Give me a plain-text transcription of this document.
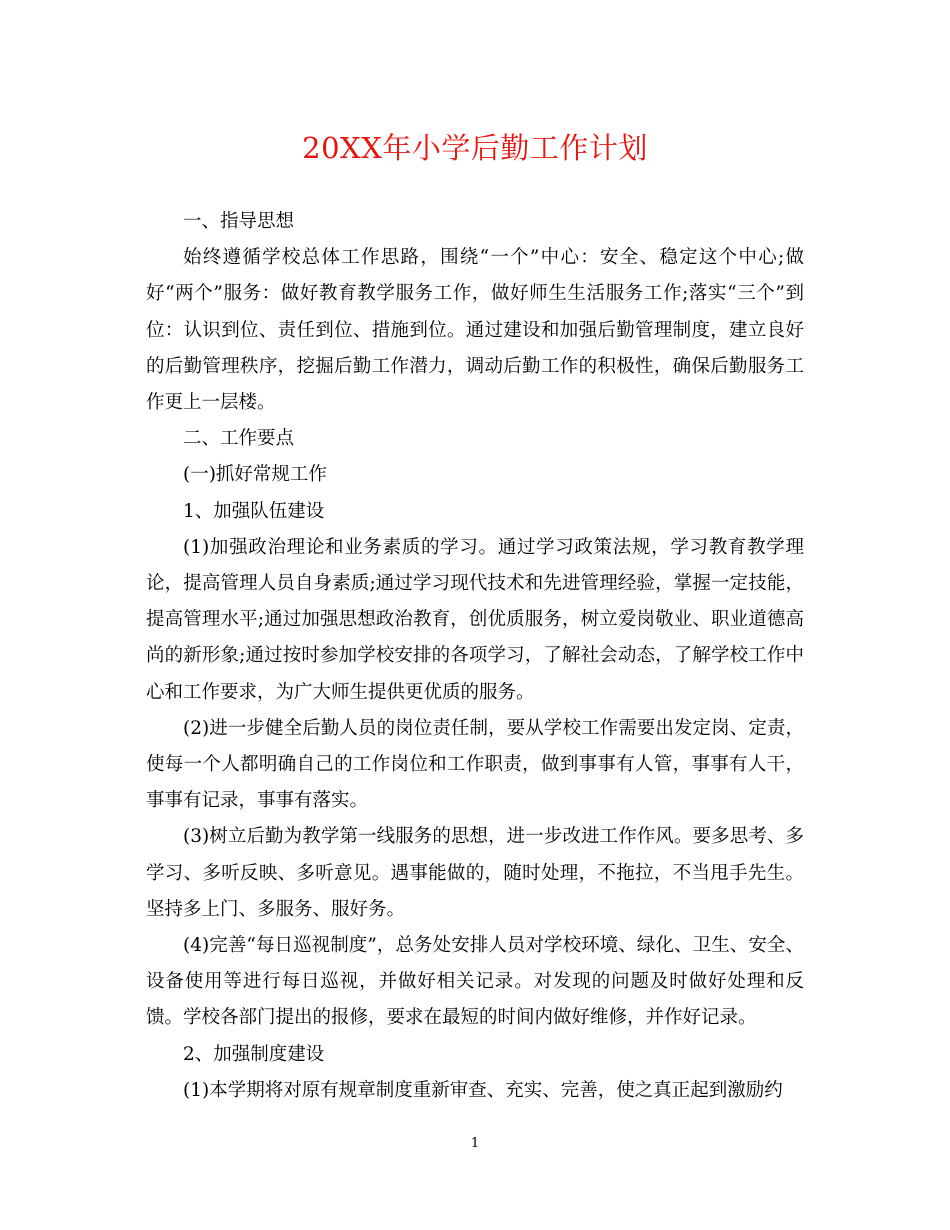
20XX年小学后勤工作计划

一、指导思想

始终遵循学校总体工作思路，围绕“一个”中心：安全、稳定这个中心;做好“两个”服务：做好教育教学服务工作，做好师生生活服务工作;落实“三个”到位：认识到位、责任到位、措施到位。通过建设和加强后勤管理制度，建立良好的后勤管理秩序，挖掘后勤工作潜力，调动后勤工作的积极性，确保后勤服务工作更上一层楼。

二、工作要点

(一)抓好常规工作

1、加强队伍建设

(1)加强政治理论和业务素质的学习。通过学习政策法规，学习教育教学理论，提高管理人员自身素质;通过学习现代技术和先进管理经验，掌握一定技能，提高管理水平;通过加强思想政治教育，创优质服务，树立爱岗敬业、职业道德高尚的新形象;通过按时参加学校安排的各项学习，了解社会动态，了解学校工作中心和工作要求，为广大师生提供更优质的服务。

(2)进一步健全后勤人员的岗位责任制，要从学校工作需要出发定岗、定责，使每一个人都明确自己的工作岗位和工作职责，做到事事有人管，事事有人干，事事有记录，事事有落实。

(3)树立后勤为教学第一线服务的思想，进一步改进工作作风。要多思考、多学习、多听反映、多听意见。遇事能做的，随时处理，不拖拉，不当甩手先生。坚持多上门、多服务、服好务。

(4)完善“每日巡视制度”，总务处安排人员对学校环境、绿化、卫生、安全、设备使用等进行每日巡视，并做好相关记录。对发现的问题及时做好处理和反馈。学校各部门提出的报修，要求在最短的时间内做好维修，并作好记录。

2、加强制度建设

(1)本学期将对原有规章制度重新审查、充实、完善，使之真正起到激励约

1
